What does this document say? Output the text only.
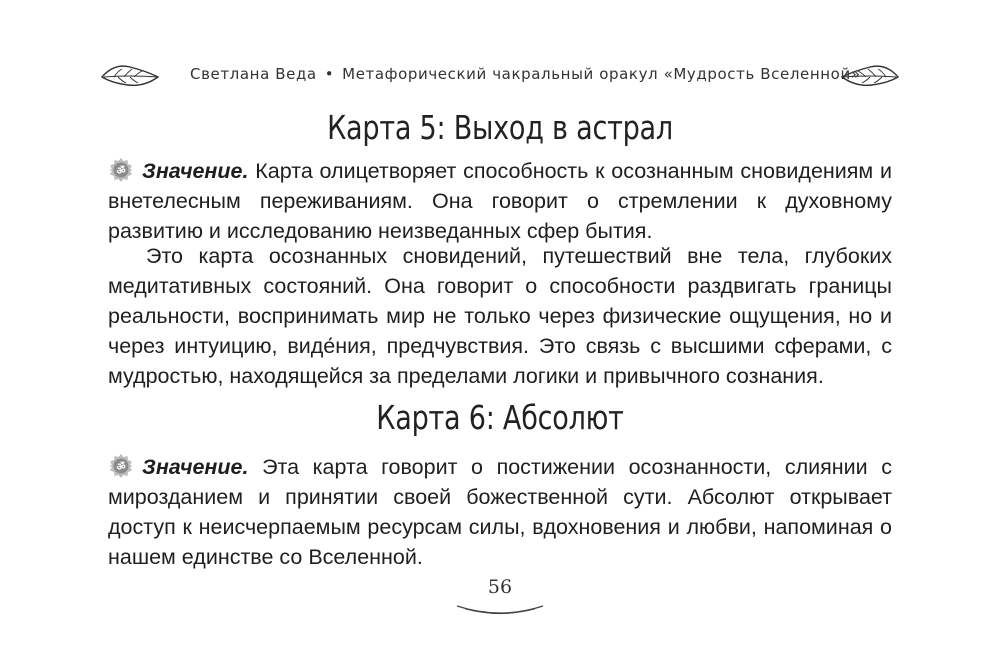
Светлана Веда • Метафорический чакральный оракул «Мудрость Вселенной»
Карта 5: Выход в астрал

ॐ Значение. Карта олицетворяет способность к осознанным сновидениям и внетелесным переживаниям. Она говорит о стремлении к духовному развитию и исследованию неизведанных сфер бытия.

Это карта осознанных сновидений, путешествий вне тела, глубоких медитативных состояний. Она говорит о способности раздвигать границы реальности, воспринимать мир не только через физические ощущения, но и через интуицию, виде́ния, предчувствия. Это связь с высшими сферами, с мудростью, находящейся за пределами логики и привычного сознания.

Карта 6: Абсолют

ॐ Значение. Эта карта говорит о постижении осознанности, слиянии с мирозданием и принятии своей божественной сути. Абсолют открывает доступ к неисчерпаемым ресурсам силы, вдохновения и любви, напоминая о нашем единстве со Вселенной.

56
